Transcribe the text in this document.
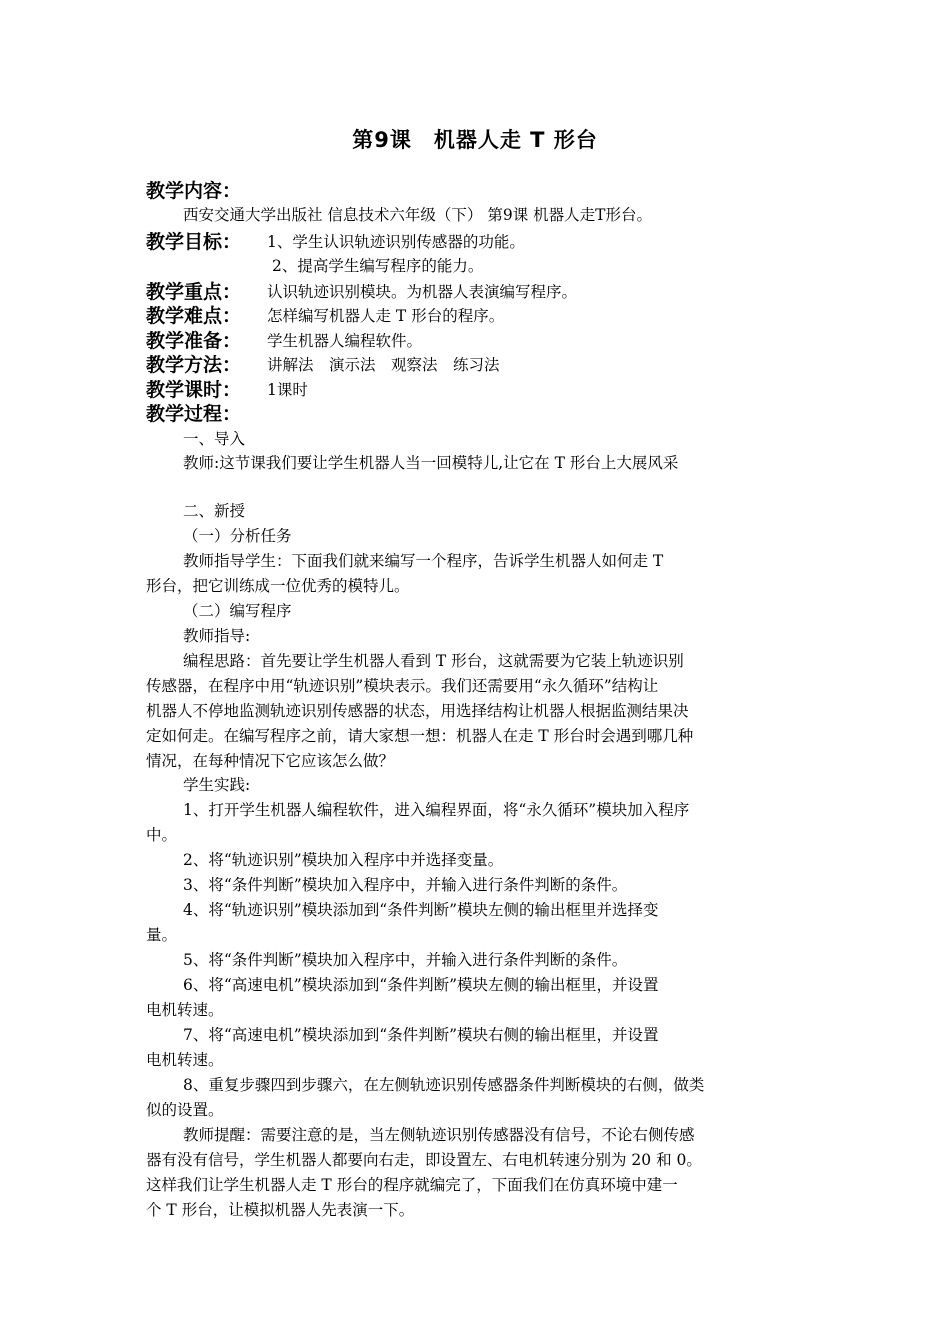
第9课　机器人走 T 形台
教学内容：
西安交通大学出版社 信息技术六年级（下） 第9课 机器人走T形台。
教学目标： 1、学生认识轨迹识别传感器的功能。
2、提高学生编写程序的能力。
教学重点： 认识轨迹识别模块。为机器人表演编写程序。
教学难点： 怎样编写机器人走 T 形台的程序。
教学准备： 学生机器人编程软件。
教学方法： 讲解法　演示法　观察法　练习法
教学课时： 1课时
教学过程：
一、导入
教师:这节课我们要让学生机器人当一回模特儿,让它在 T 形台上大展风采
二、新授
（一）分析任务
教师指导学生：下面我们就来编写一个程序，告诉学生机器人如何走 T
形台，把它训练成一位优秀的模特儿。
（二）编写程序
教师指导:
编程思路：首先要让学生机器人看到 T 形台，这就需要为它装上轨迹识别
传感器，在程序中用“轨迹识别”模块表示。我们还需要用“永久循环”结构让
机器人不停地监测轨迹识别传感器的状态，用选择结构让机器人根据监测结果决
定如何走。在编写程序之前，请大家想一想：机器人在走 T 形台时会遇到哪几种
情况，在每种情况下它应该怎么做？
学生实践:
1、打开学生机器人编程软件，进入编程界面，将“永久循环”模块加入程序
中。
2、将“轨迹识别”模块加入程序中并选择变量。
3、将“条件判断”模块加入程序中，并输入进行条件判断的条件。
4、将“轨迹识别”模块添加到“条件判断”模块左侧的输出框里并选择变
量。
5、将“条件判断”模块加入程序中，并输入进行条件判断的条件。
6、将“高速电机”模块添加到“条件判断”模块左侧的输出框里，并设置
电机转速。
7、将“高速电机”模块添加到“条件判断”模块右侧的输出框里，并设置
电机转速。
8、重复步骤四到步骤六，在左侧轨迹识别传感器条件判断模块的右侧，做类
似的设置。
教师提醒：需要注意的是，当左侧轨迹识别传感器没有信号，不论右侧传感
器有没有信号，学生机器人都要向右走，即设置左、右电机转速分别为 20 和 0。
这样我们让学生机器人走 T 形台的程序就编完了，下面我们在仿真环境中建一
个 T 形台，让模拟机器人先表演一下。
